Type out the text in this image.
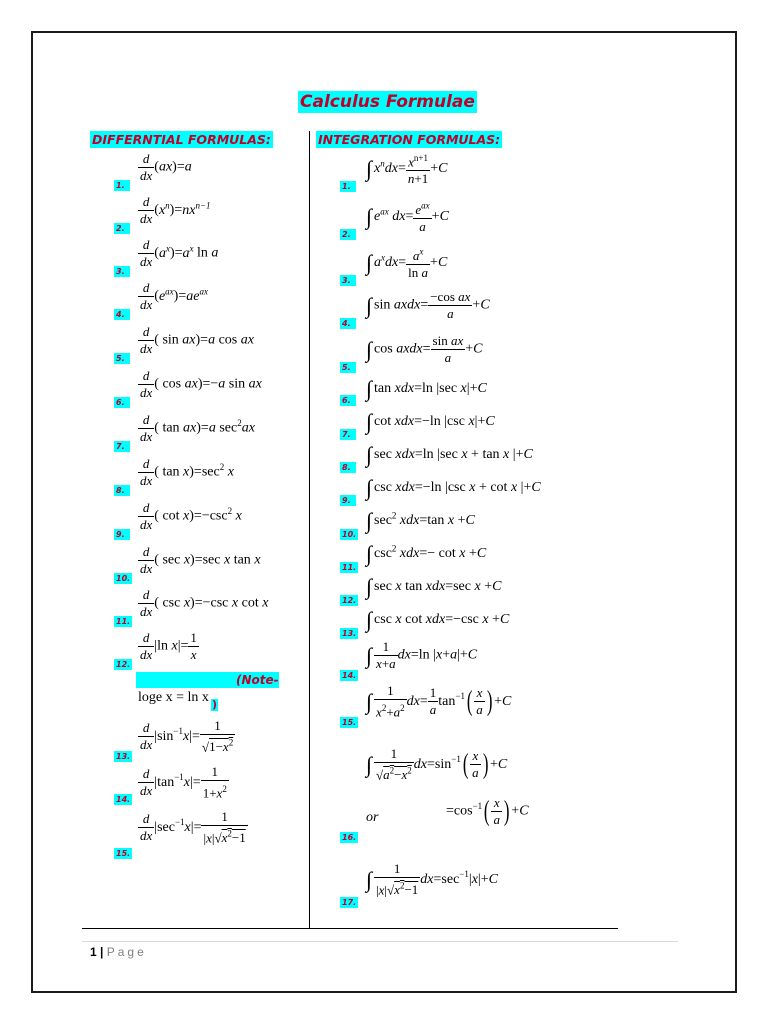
Calculus Formulae
DIFFERNTIAL FORMULAS:	INTEGRATION FORMULAS:
1.
2.
3.
4.
5.
6.
7.
8.
9.
10.
11.
12.
13.
14.
15.
$\frac{d}{dx} (ax)=a$
$\frac{d}{dx} (x^n)=nx^{n-1}$
$\frac{d}{dx} (a^x)=a^x$ ln a
$\frac{d}{dx} (e^{ax})=ae^{ax}$
$\frac{d}{dx}$ ( sin ax)=a cos ax
$\frac{d}{dx}$ ( cos ax)=−a sin ax
$\frac{d}{dx}$ ( tan ax)=a $\sec^2ax$
$\frac{d}{dx}$ ( $\tan x)=\sec^2$ x
$\frac{d}{dx}$ ( $\cot x)=-\csc^2$ x
$\frac{d}{dx}$ ( sec x)=sec x tan x
$\frac{d}{dx}$ ( csc x)=−csc x cot x
$\frac{d}{dx} |\ln$ $x|= \frac{1}{x}$
(Note-
loge x = ln x )
$\frac{d}{dx} |\sin^{-1}x|= \frac{1}{√1-x^2}$
$\frac{d}{dx} |\tan^{-1}x|= \frac{1}{1+x^2}$
$\frac{d}{dx} |\sec^{-1}x|= \frac{1}{|x|√x^2-1}$
1.
2.
3.
4.
5.
6.
7.
8.
9.
10.
11.
12.
13.
14.
15.
16.
17.
∫ $x^ndx= \frac{x^{n+1}}{n+1} +C$
∫ $e^{ax}$ $dx= \frac{e^{ax}}{a} +C$
∫ $a^xdx= \frac{a^x}{\text{ln a}} +C$
∫ sin axdx= $\frac{\text{−cos ax}}{a} +C$
∫ cos axdx= $\frac{\text{sin ax}}{a} +C$
∫ tan xdx=ln |sec x|+C
∫ cot xdx=−ln |csc x|+C
∫ sec xdx=ln |sec x + tan x |+C
∫ csc xdx=−ln |csc x + cot x |+C
∫ $\sec^2 xdx=\tan$ x +C
∫ $\csc^2 xdx=- \cot x +C$
∫ sec x tan xdx=sec x +C
∫ csc x cot xdx=−csc x +C
∫ $\frac{1}{x+a} dx=\ln$ |x+a|+C
∫ $\frac{1}{x^2+a^2} dx= \frac{1}{a} \tan^{-1}( \frac{x}{a}$ ) +C
∫ $\frac{1}{√a^2-x^2} dx=\sin^{-1}( \frac{x}{a}$ ) +C
or	$=\cos^{-1}( \frac{x}{a}$ ) +C
∫ $\frac{1}{|x|√x^2-1} dx=\sec^{-1}|x|+C$
1 | Page
